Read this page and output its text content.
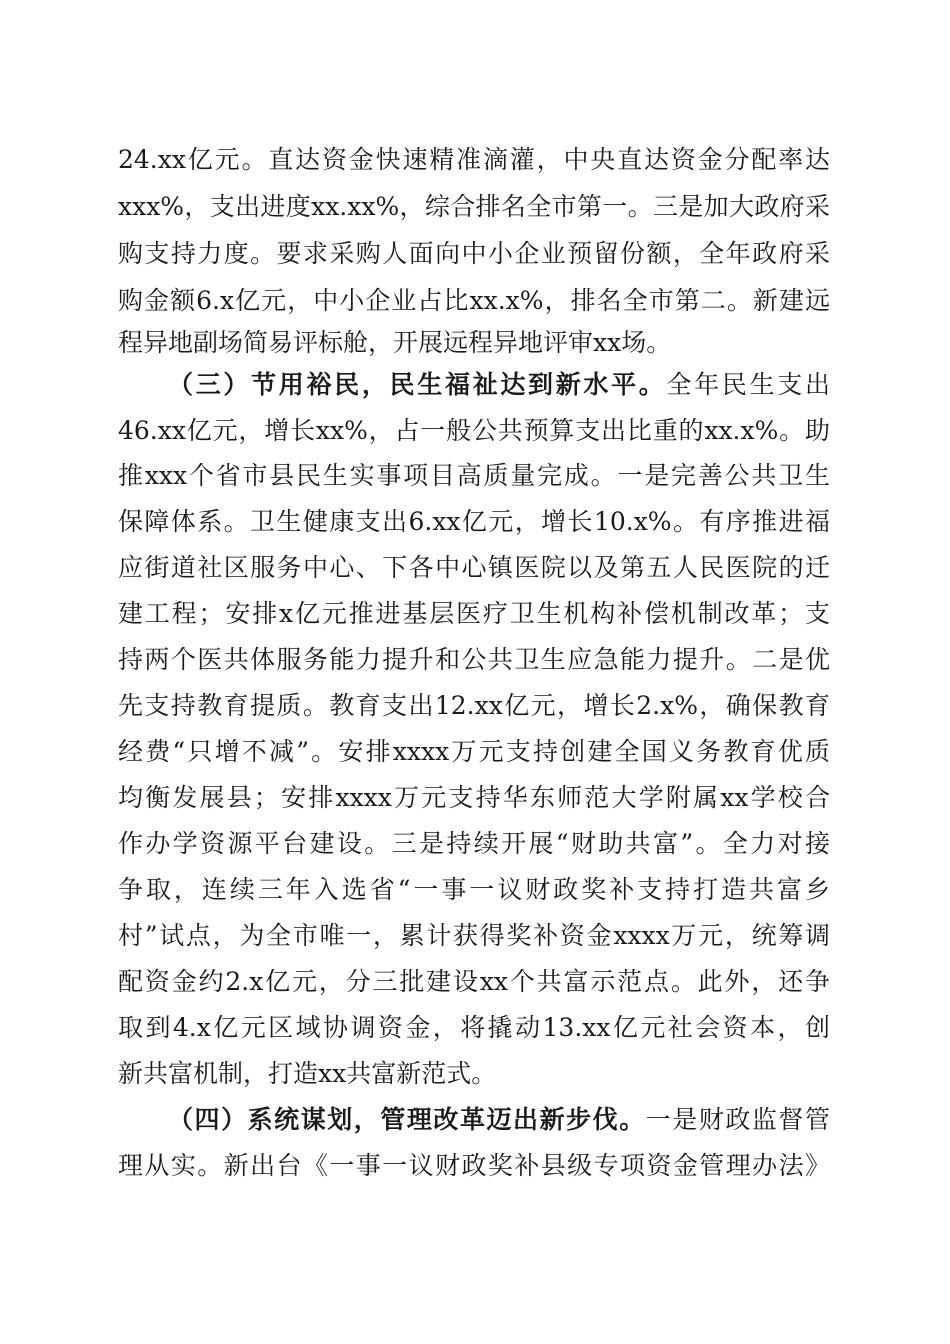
24.xx亿元。直达资金快速精准滴灌，中央直达资金分配率达
xxx%，支出进度xx.xx%，综合排名全市第一。三是加大政府采
购支持力度。要求采购人面向中小企业预留份额，全年政府采
购金额6.x亿元，中小企业占比xx.x%，排名全市第二。新建远
程异地副场简易评标舱，开展远程异地评审xx场。
（三）节用裕民，民生福祉达到新水平。全年民生支出
46.xx亿元，增长xx%，占一般公共预算支出比重的xx.x%。助
推xxx个省市县民生实事项目高质量完成。一是完善公共卫生
保障体系。卫生健康支出6.xx亿元，增长10.x%。有序推进福
应街道社区服务中心、下各中心镇医院以及第五人民医院的迁
建工程；安排x亿元推进基层医疗卫生机构补偿机制改革；支
持两个医共体服务能力提升和公共卫生应急能力提升。二是优
先支持教育提质。教育支出12.xx亿元，增长2.x%，确保教育
经费“只增不减”。安排xxxx万元支持创建全国义务教育优质
均衡发展县；安排xxxx万元支持华东师范大学附属xx学校合
作办学资源平台建设。三是持续开展“财助共富”。全力对接
争取，连续三年入选省“一事一议财政奖补支持打造共富乡
村”试点，为全市唯一，累计获得奖补资金xxxx万元，统筹调
配资金约2.x亿元，分三批建设xx个共富示范点。此外，还争
取到4.x亿元区域协调资金，将撬动13.xx亿元社会资本，创
新共富机制，打造xx共富新范式。
（四）系统谋划，管理改革迈出新步伐。一是财政监督管
理从实。新出台《一事一议财政奖补县级专项资金管理办法》
